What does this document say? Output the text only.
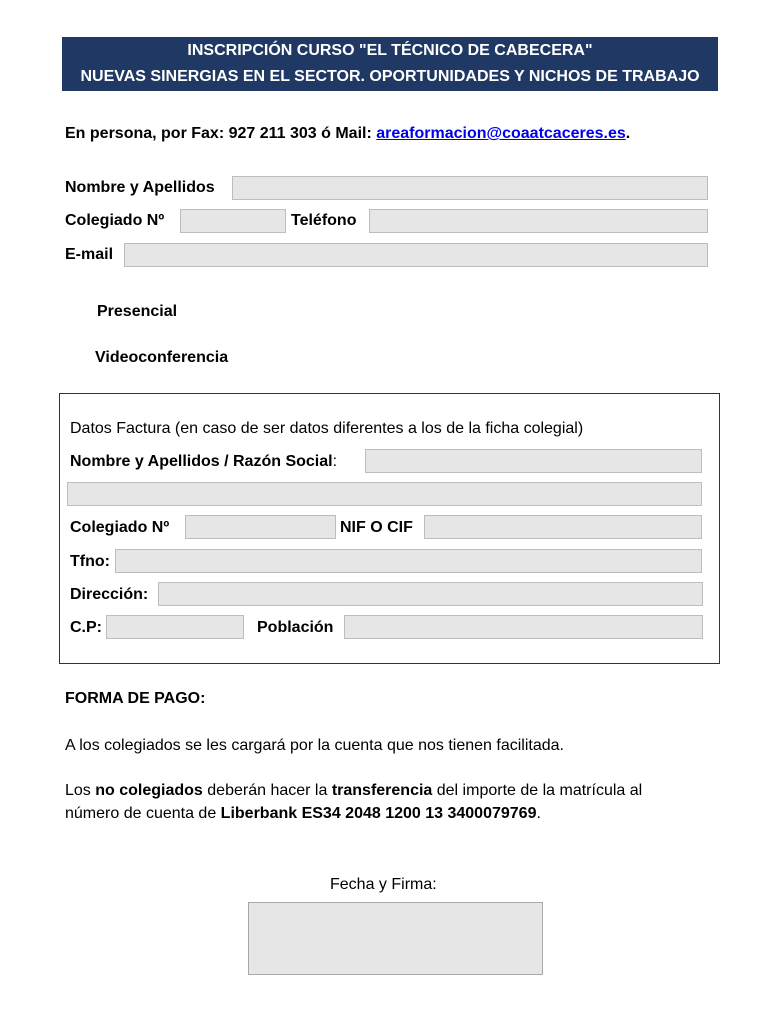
INSCRIPCIÓN CURSO "EL TÉCNICO DE CABECERA"
NUEVAS SINERGIAS EN EL SECTOR. OPORTUNIDADES Y NICHOS DE TRABAJO
En persona, por Fax: 927 211 303 ó Mail: areaformacion@coaatcaceres.es.
Nombre y Apellidos
Colegiado Nº	Teléfono
E-mail
Presencial
Videoconferencia
Datos Factura (en caso de ser datos diferentes a los de la ficha colegial)
Nombre y Apellidos / Razón Social:
Colegiado Nº	NIF O CIF
Tfno:
Dirección:
C.P:	Población
FORMA DE PAGO:
A los colegiados se les cargará por la cuenta que nos tienen facilitada.
Los no colegiados deberán hacer la transferencia del importe de la matrícula al
número de cuenta de Liberbank ES34 2048 1200 13 3400079769.
Fecha y Firma:
